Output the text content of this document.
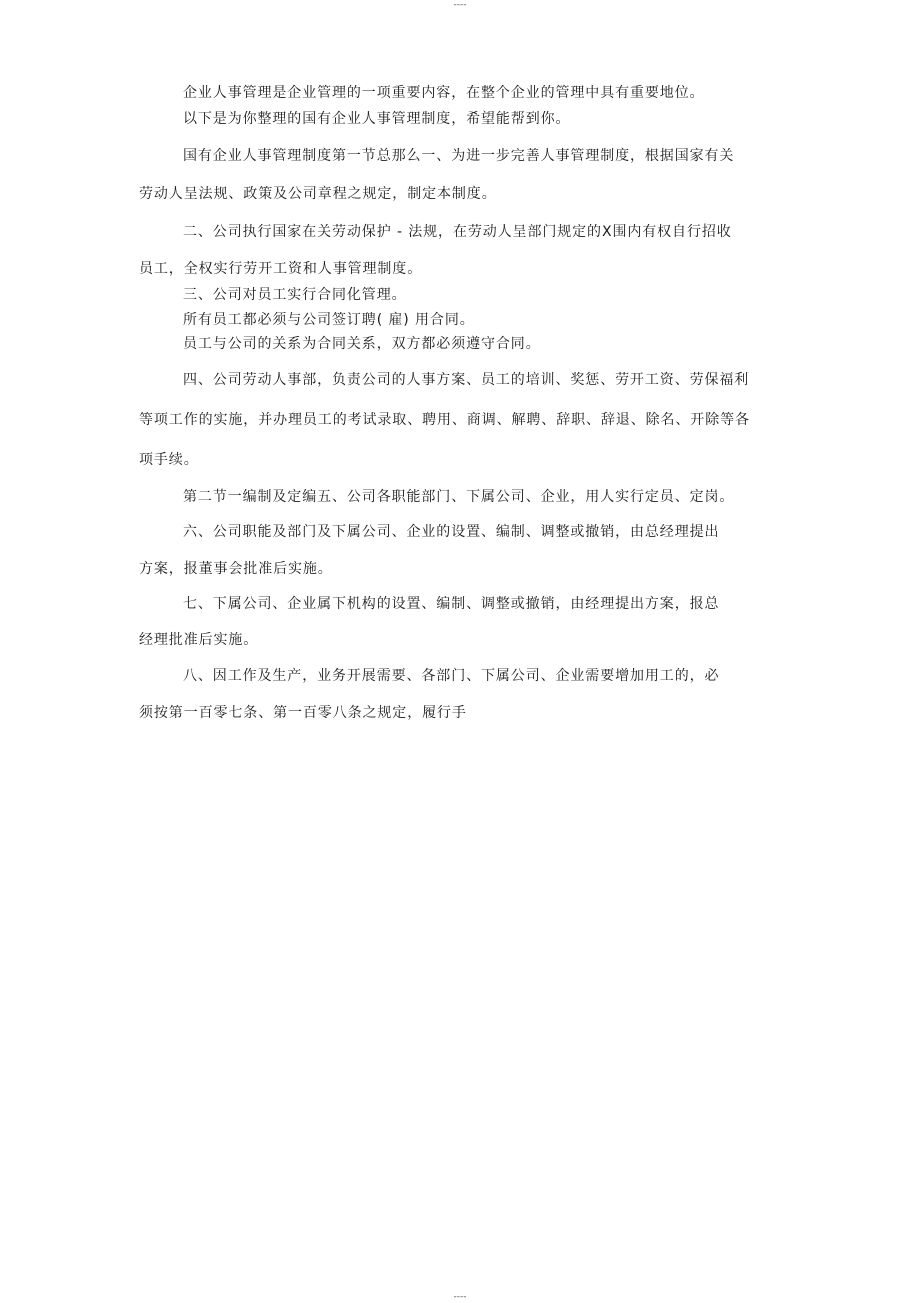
----
企业人事管理是企业管理的一项重要内容，在整个企业的管理中具有重要地位。
以下是为你整理的国有企业人事管理制度，希望能帮到你。
国有企业人事管理制度第一节总那么一、为进一步完善人事管理制度，根据国家有关
劳动人呈法规、政策及公司章程之规定，制定本制度。
二、公司执行国家在关劳动保护 - 法规，在劳动人呈部门规定的X围内有权自行招收
员工，全权实行劳开工资和人事管理制度。
三、公司对员工实行合同化管理。
所有员工都必须与公司签订聘( 雇) 用合同。
员工与公司的关系为合同关系，双方都必须遵守合同。
四、公司劳动人事部，负责公司的人事方案、员工的培训、奖惩、劳开工资、劳保福利
等项工作的实施，并办理员工的考试录取、聘用、商调、解聘、辞职、辞退、除名、开除等各
项手续。
第二节一编制及定编五、公司各职能部门、下属公司、企业，用人实行定员、定岗。
六、公司职能及部门及下属公司、企业的设置、编制、调整或撤销，由总经理提出
方案，报董事会批准后实施。
七、下属公司、企业属下机构的设置、编制、调整或撤销，由经理提出方案，报总
经理批准后实施。
八、因工作及生产，业务开展需要、各部门、下属公司、企业需要增加用工的，必
须按第一百零七条、第一百零八条之规定，履行手
----
